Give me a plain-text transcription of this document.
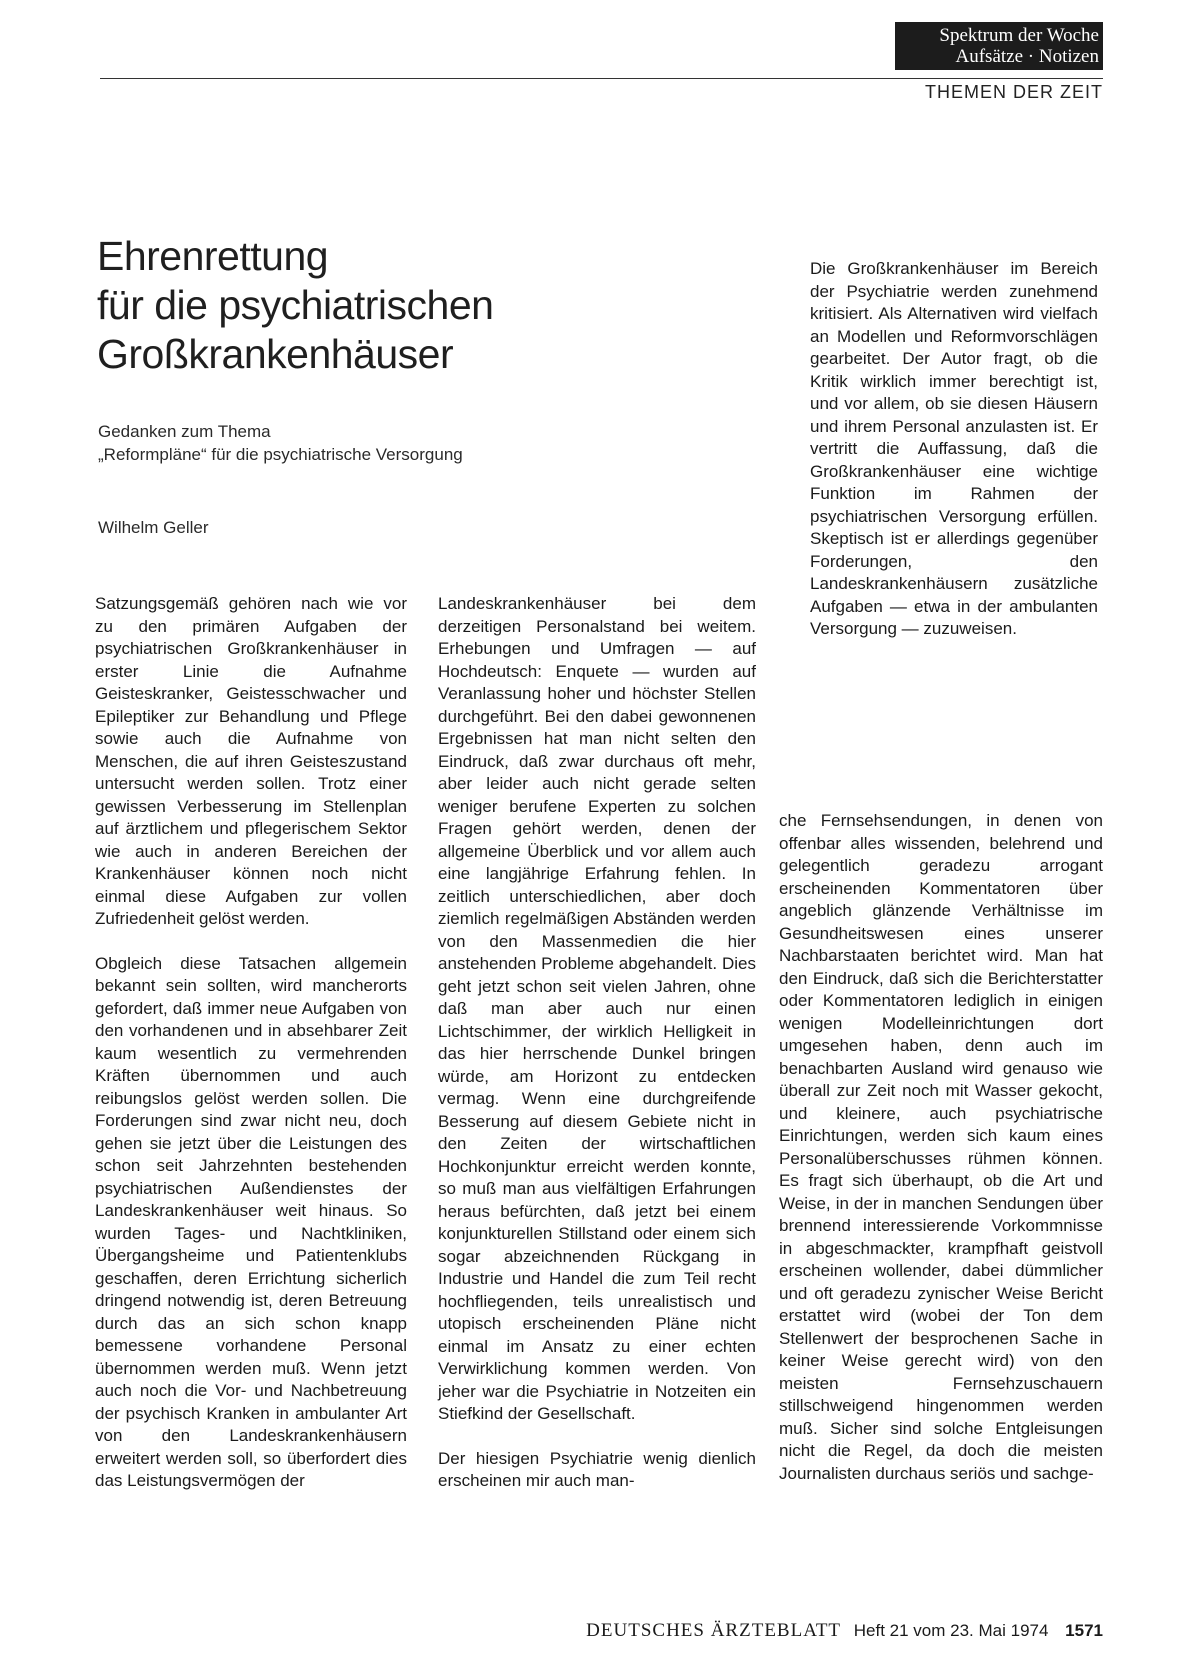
Spektrum der Woche
Aufsätze · Notizen
THEMEN DER ZEIT
Ehrenrettung
für die psychiatrischen
Großkrankenhäuser
Gedanken zum Thema
„Reformpläne“ für die psychiatrische Versorgung
Wilhelm Geller
Die Großkrankenhäuser im Bereich der Psychiatrie werden zunehmend kritisiert. Als Alternativen wird vielfach an Modellen und Reformvorschlägen gearbeitet. Der Autor fragt, ob die Kritik wirklich immer berechtigt ist, und vor allem, ob sie diesen Häusern und ihrem Personal anzulasten ist. Er vertritt die Auffassung, daß die Großkrankenhäuser eine wichtige Funktion im Rahmen der psychiatrischen Versorgung erfüllen. Skeptisch ist er allerdings gegenüber Forderungen, den Landeskrankenhäusern zusätzliche Aufgaben — etwa in der ambulanten Versorgung — zuzuweisen.

Satzungsgemäß gehören nach wie vor zu den primären Aufgaben der psychiatrischen Großkrankenhäuser in erster Linie die Aufnahme Geisteskranker, Geistesschwacher und Epileptiker zur Behandlung und Pflege sowie auch die Aufnahme von Menschen, die auf ihren Geisteszustand untersucht werden sollen. Trotz einer gewissen Verbesserung im Stellenplan auf ärztlichem und pflegerischem Sektor wie auch in anderen Bereichen der Krankenhäuser können noch nicht einmal diese Aufgaben zur vollen Zufriedenheit gelöst werden.

Obgleich diese Tatsachen allgemein bekannt sein sollten, wird mancherorts gefordert, daß immer neue Aufgaben von den vorhandenen und in absehbarer Zeit kaum wesentlich zu vermehrenden Kräften übernommen und auch reibungslos gelöst werden sollen. Die Forderungen sind zwar nicht neu, doch gehen sie jetzt über die Leistungen des schon seit Jahrzehnten bestehenden psychiatrischen Außendienstes der Landeskrankenhäuser weit hinaus. So wurden Tages- und Nachtkliniken, Übergangsheime und Patientenklubs geschaffen, deren Errichtung sicherlich dringend notwendig ist, deren Betreuung durch das an sich schon knapp bemessene vorhandene Personal übernommen werden muß. Wenn jetzt auch noch die Vor- und Nachbetreuung der psychisch Kranken in ambulanter Art von den Landeskrankenhäusern erweitert werden soll, so überfordert dies das Leistungsvermögen der

Landeskrankenhäuser bei dem derzeitigen Personalstand bei weitem. Erhebungen und Umfragen — auf Hochdeutsch: Enquete — wurden auf Veranlassung hoher und höchster Stellen durchgeführt. Bei den dabei gewonnenen Ergebnissen hat man nicht selten den Eindruck, daß zwar durchaus oft mehr, aber leider auch nicht gerade selten weniger berufene Experten zu solchen Fragen gehört werden, denen der allgemeine Überblick und vor allem auch eine langjährige Erfahrung fehlen. In zeitlich unterschiedlichen, aber doch ziemlich regelmäßigen Abständen werden von den Massenmedien die hier anstehenden Probleme abgehandelt. Dies geht jetzt schon seit vielen Jahren, ohne daß man aber auch nur einen Lichtschimmer, der wirklich Helligkeit in das hier herrschende Dunkel bringen würde, am Horizont zu entdecken vermag. Wenn eine durchgreifende Besserung auf diesem Gebiete nicht in den Zeiten der wirtschaftlichen Hochkonjunktur erreicht werden konnte, so muß man aus vielfältigen Erfahrungen heraus befürchten, daß jetzt bei einem konjunkturellen Stillstand oder einem sich sogar abzeichnenden Rückgang in Industrie und Handel die zum Teil recht hochfliegenden, teils unrealistisch und utopisch erscheinenden Pläne nicht einmal im Ansatz zu einer echten Verwirklichung kommen werden. Von jeher war die Psychiatrie in Notzeiten ein Stiefkind der Gesellschaft.

Der hiesigen Psychiatrie wenig dienlich erscheinen mir auch man-

che Fernsehsendungen, in denen von offenbar alles wissenden, belehrend und gelegentlich geradezu arrogant erscheinenden Kommentatoren über angeblich glänzende Verhältnisse im Gesundheitswesen eines unserer Nachbarstaaten berichtet wird. Man hat den Eindruck, daß sich die Berichterstatter oder Kommentatoren lediglich in einigen wenigen Modelleinrichtungen dort umgesehen haben, denn auch im benachbarten Ausland wird genauso wie überall zur Zeit noch mit Wasser gekocht, und kleinere, auch psychiatrische Einrichtungen, werden sich kaum eines Personalüberschusses rühmen können. Es fragt sich überhaupt, ob die Art und Weise, in der in manchen Sendungen über brennend interessierende Vorkommnisse in abgeschmackter, krampfhaft geistvoll erscheinen wollender, dabei dümmlicher und oft geradezu zynischer Weise Bericht erstattet wird (wobei der Ton dem Stellenwert der besprochenen Sache in keiner Weise gerecht wird) von den meisten Fernsehzuschauern stillschweigend hingenommen werden muß. Sicher sind solche Entgleisungen nicht die Regel, da doch die meisten Journalisten durchaus seriös und sachge-

DEUTSCHES ÄRZTEBLATT Heft 21 vom 23. Mai 1974 1571
